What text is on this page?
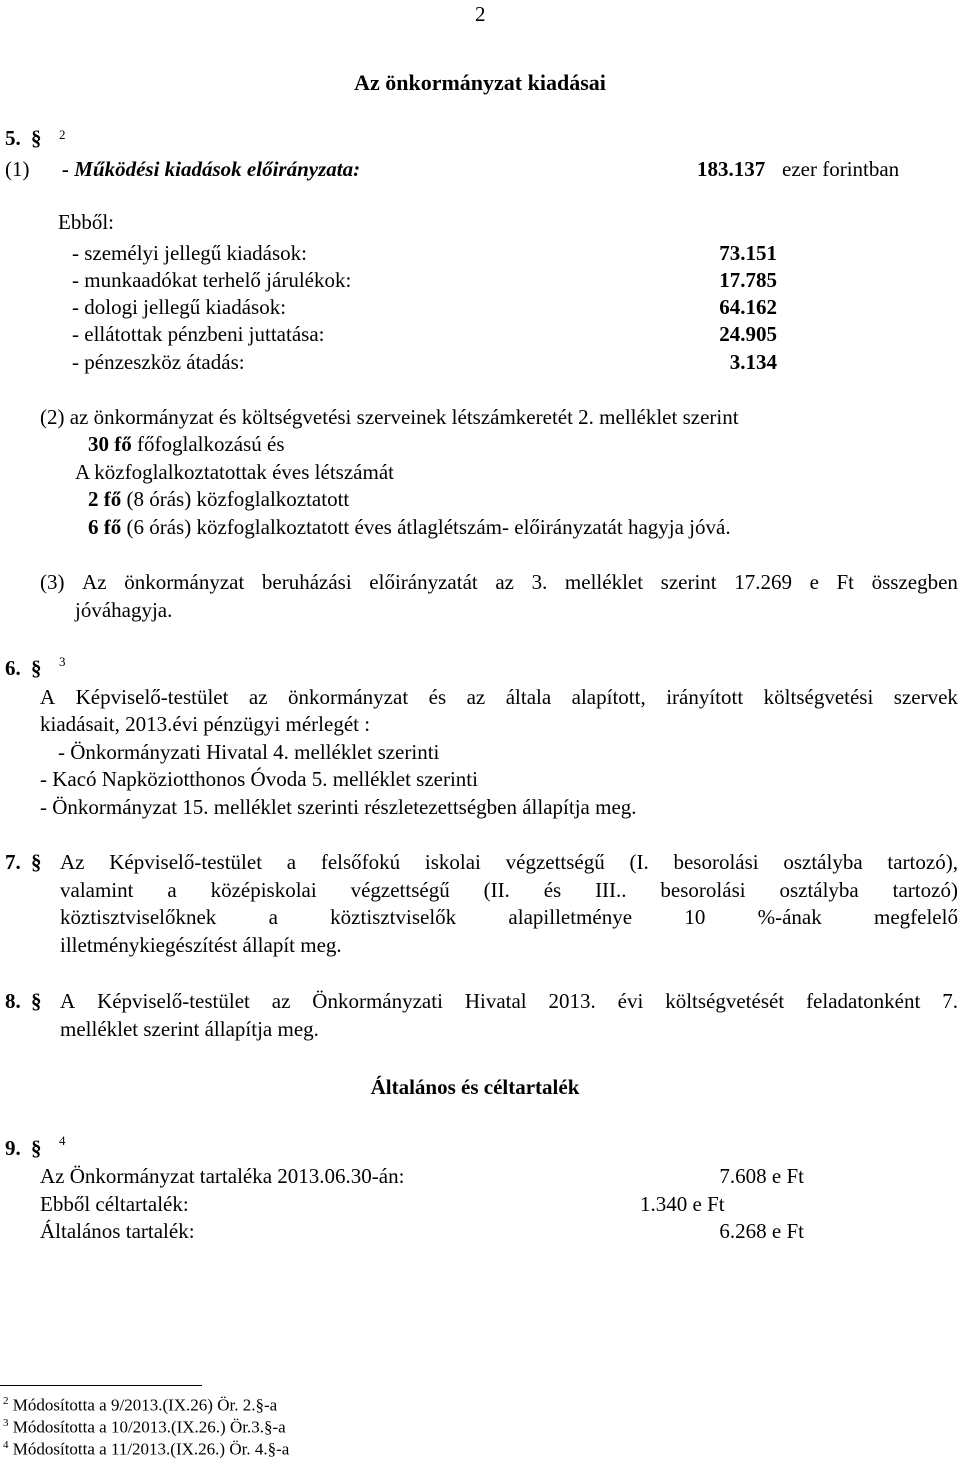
2
Az önkormányzat kiadásai
5. § 2
(1) - Működési kiadások előirányzata:	183.137 ezer forintban
Ebből:
- személyi jellegű kiadások:	73.151
- munkaadókat terhelő járulékok:	17.785
- dologi jellegű kiadások:	64.162
- ellátottak pénzbeni juttatása:	24.905
- pénzeszköz átadás:	3.134
(2) az önkormányzat és költségvetési szerveinek létszámkeretét 2. melléklet szerint
30 fő főfoglalkozású és
A közfoglalkoztatottak éves létszámát
2 fő (8 órás) közfoglalkoztatott
6 fő (6 órás) közfoglalkoztatott éves átlaglétszám- előirányzatát hagyja jóvá.
(3) Az önkormányzat beruházási előirányzatát az 3. melléklet szerint 17.269 e Ft összegben
jóváhagyja.
6. § 3
A Képviselő-testület az önkormányzat és az általa alapított, irányított költségvetési szervek
kiadásait, 2013.évi pénzügyi mérlegét :
- Önkormányzati Hivatal 4. melléklet szerinti
- Kacó Napköziotthonos Óvoda 5. melléklet szerinti
- Önkormányzat 15. melléklet szerinti részletezettségben állapítja meg.
7. § Az Képviselő-testület a felsőfokú iskolai végzettségű (I. besorolási osztályba tartozó),
valamint a középiskolai végzettségű (II. és III.. besorolási osztályba tartozó)
köztisztviselőknek a köztisztviselők alapilletménye 10 %-ának megfelelő
illetménykiegészítést állapít meg.
8. § A Képviselő-testület az Önkormányzati Hivatal 2013. évi költségvetését feladatonként 7.
melléklet szerint állapítja meg.
Általános és céltartalék
9. § 4
Az Önkormányzat tartaléka 2013.06.30-án:	7.608 e Ft
Ebből céltartalék:	1.340 e Ft
Általános tartalék:	6.268 e Ft
$^2$ Módosította a 9/2013.(IX.26) Ör. 2.§-a
$^3$ Módosította a 10/2013.(IX.26.) Ör.3.§-a
$^4$ Módosította a 11/2013.(IX.26.) Ör. 4.§-a
